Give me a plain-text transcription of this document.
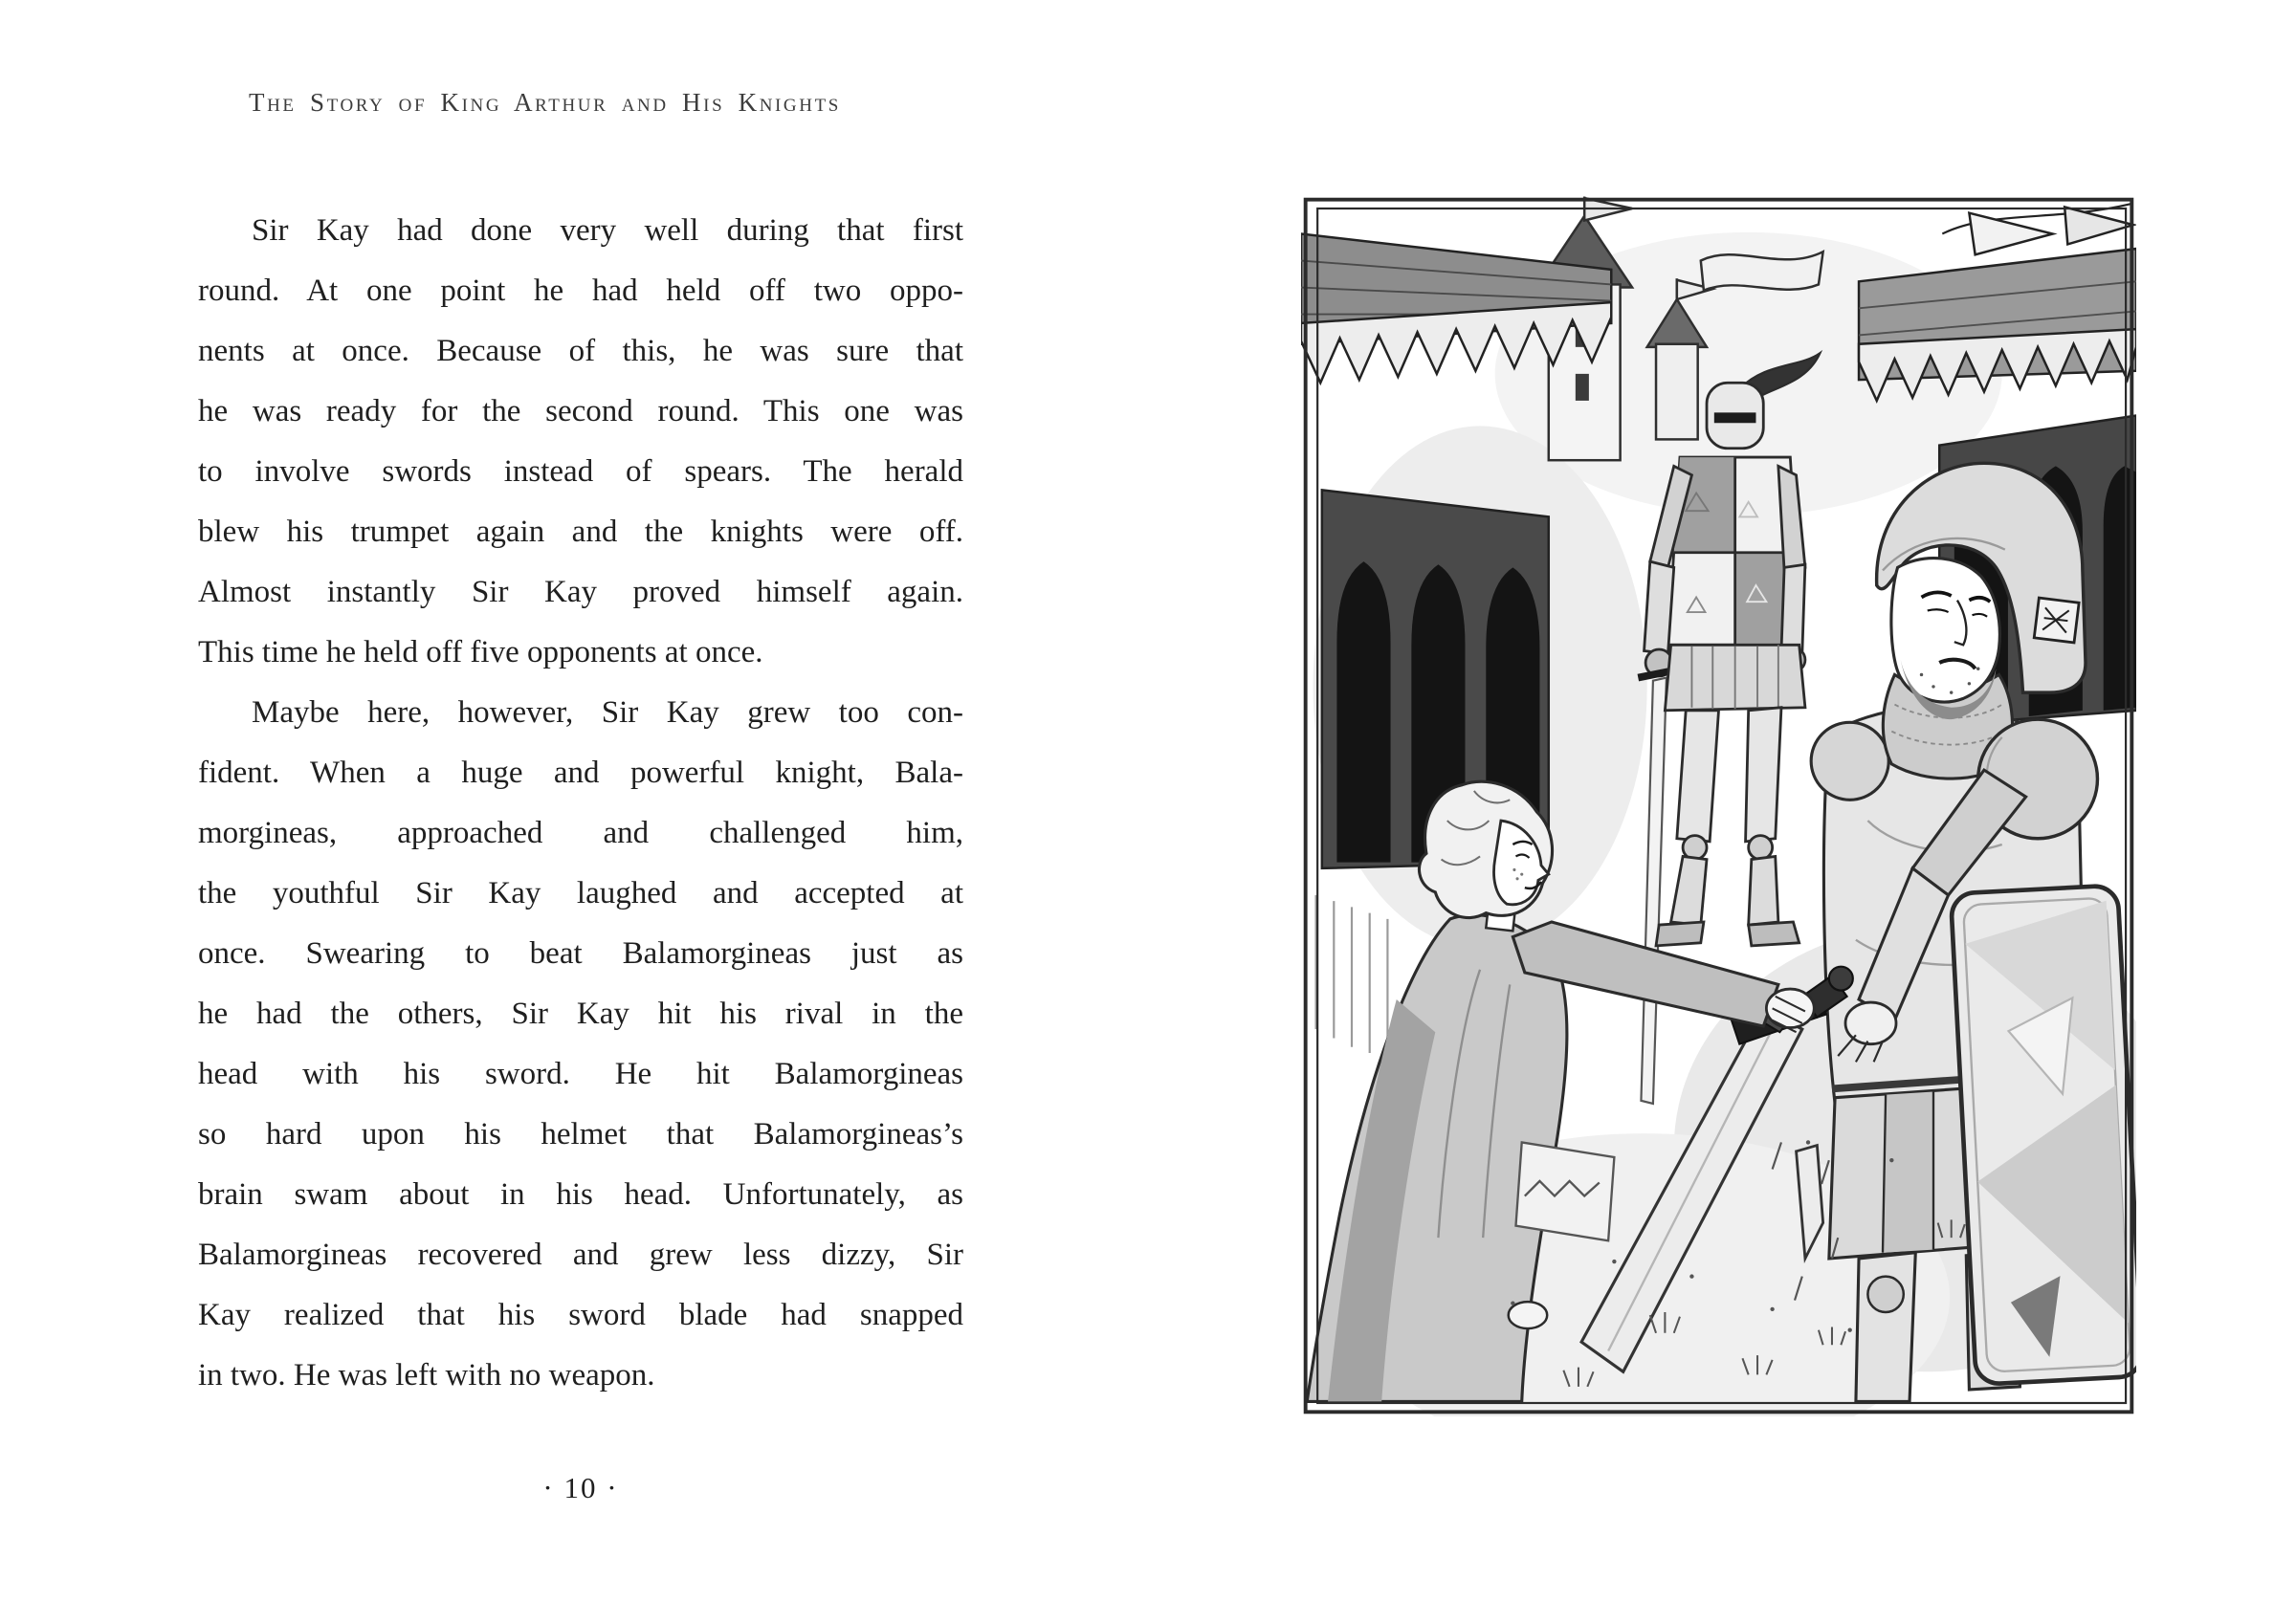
The Story of King Arthur and His Knights
Sir Kay had done very well during that first
round. At one point he had held off two oppo-
nents at once. Because of this, he was sure that
he was ready for the second round. This one was
to involve swords instead of spears. The herald
blew his trumpet again and the knights were off.
Almost instantly Sir Kay proved himself again.
This time he held off five opponents at once.
Maybe here, however, Sir Kay grew too con-
fident. When a huge and powerful knight, Bala-
morgineas, approached and challenged him,
the youthful Sir Kay laughed and accepted at
once. Swearing to beat Balamorgineas just as
he had the others, Sir Kay hit his rival in the
head with his sword. He hit Balamorgineas
so hard upon his helmet that Balamorgineas’s
brain swam about in his head. Unfortunately, as
Balamorgineas recovered and grew less dizzy, Sir
Kay realized that his sword blade had snapped
in two. He was left with no weapon.
· 10 ·
